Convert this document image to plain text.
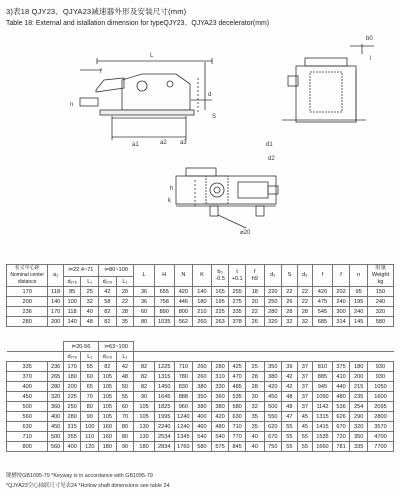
3)表18 QJY23、QJYA23减速器外形及安装尺寸(mm)
Table 18: External and istallation dimension for typeQJY23、QJYA23 decelerator(mm)
L
f
n
a1	a2 a3
d
S
b0
l
d1
d2
h
k
⌀20
名义中心距
Nominal center
distance	a₁	i=22.4~71		i=80~100		L	H	N	K	b₀
-0.5	t
+0.1	f
h9	d₁	S	d₃	f	f	n	重量
Weight
kg
		d₂₇₆	L₁	d₂₇₆	L₁														
170	118	85	25	42	20	36	655	420	140	165	255	18	220	22	22	420	202	95	150
200	140	100	32	58	22	36	758	446	180	195	275	20	250	26	22	475	240	195	240
236	170	118	40	82	28	60	890	800	210	225	335	22	280	28	28	545	300	240	320
280	200	140	48	82	35	80	1035	562	260	263	378	26	320	32	32	685	314	145	580
		i=20-56		i=63~100															
		d₂₇₆	L₁	d₂₇₆	L₁														
335	236	170	55	82	42	82	1225	710	260	280	425	25	350	39	37	810	375	180	930
370	265	180	60	105	48	82	1315	780	260	310	470	28	380	42	37	885	410	200	930
400	280	200	65	105	50	82	1450	830	380	330	485	28	420	42	37	945	440	215	1050
450	320	225	70	105	55	90	1645	888	350	360	535	30	450	48	37	1050	480	235	1600
500	360	250	80	105	60	105	1825	960	380	380	580	32	500	48	37	1142	536	254	2095
560	400	280	90	105	70	105	1995	1240	400	420	630	35	550	47	45	1315	626	290	2800
630	450	315	100	160	80	130	2240	1240	460	480	710	35	620	55	45	1415	670	320	3570
710	500	355	110	160	80	130	2534	1345	540	540	770	40	670	55	55	1535	720	350	4700
800	560	400	120	180	90	180	2834	1760	580	575	845	40	750	55	55	1660	781	335	7700
键槽按GB1095-79 *Keyway is in accordance with GB1095-79
*QJYA23空心轴联尺寸见表24 *Hollow shaft dimensions see table 24
